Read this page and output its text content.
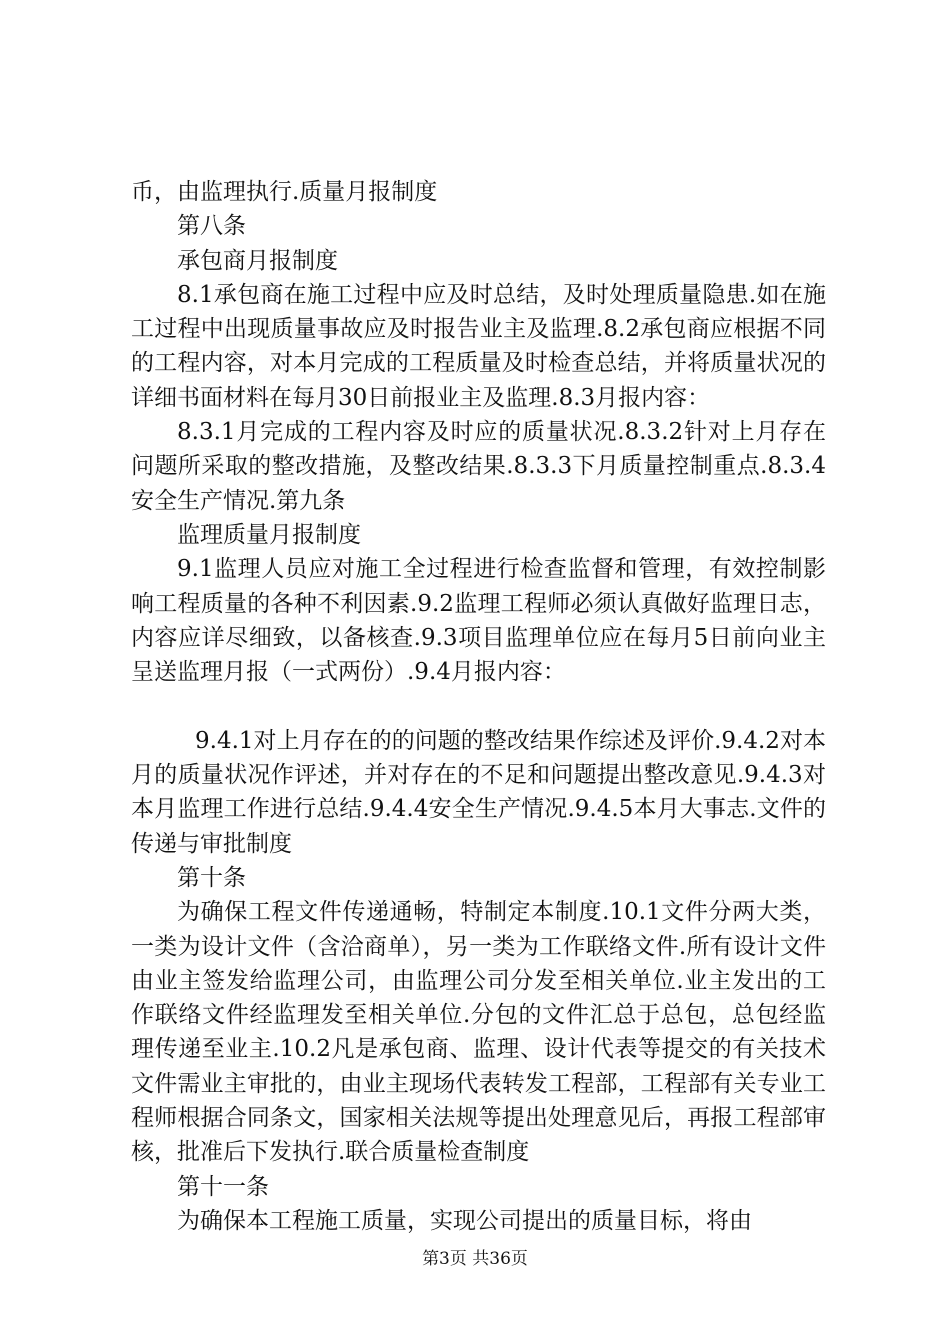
币，由监理执行.质量月报制度

第八条

承包商月报制度

8.1承包商在施工过程中应及时总结，及时处理质量隐患.如在施工过程中出现质量事故应及时报告业主及监理.8.2承包商应根据不同的工程内容，对本月完成的工程质量及时检查总结，并将质量状况的详细书面材料在每月30日前报业主及监理.8.3月报内容：

8.3.1月完成的工程内容及时应的质量状况.8.3.2针对上月存在问题所采取的整改措施，及整改结果.8.3.3下月质量控制重点.8.3.4安全生产情况.第九条

监理质量月报制度

9.1监理人员应对施工全过程进行检查监督和管理，有效控制影响工程质量的各种不利因素.9.2监理工程师必须认真做好监理日志，内容应详尽细致，以备核查.9.3项目监理单位应在每月5日前向业主呈送监理月报（一式两份）.9.4月报内容：

9.4.1对上月存在的的问题的整改结果作综述及评价.9.4.2对本月的质量状况作评述，并对存在的不足和问题提出整改意见.9.4.3对本月监理工作进行总结.9.4.4安全生产情况.9.4.5本月大事志.文件的传递与审批制度

第十条

为确保工程文件传递通畅，特制定本制度.10.1文件分两大类，一类为设计文件（含洽商单），另一类为工作联络文件.所有设计文件由业主签发给监理公司，由监理公司分发至相关单位.业主发出的工作联络文件经监理发至相关单位.分包的文件汇总于总包，总包经监理传递至业主.10.2凡是承包商、监理、设计代表等提交的有关技术文件需业主审批的，由业主现场代表转发工程部，工程部有关专业工程师根据合同条文，国家相关法规等提出处理意见后，再报工程部审核，批准后下发执行.联合质量检查制度

第十一条

为确保本工程施工质量，实现公司提出的质量目标，将由

第3页 共36页
